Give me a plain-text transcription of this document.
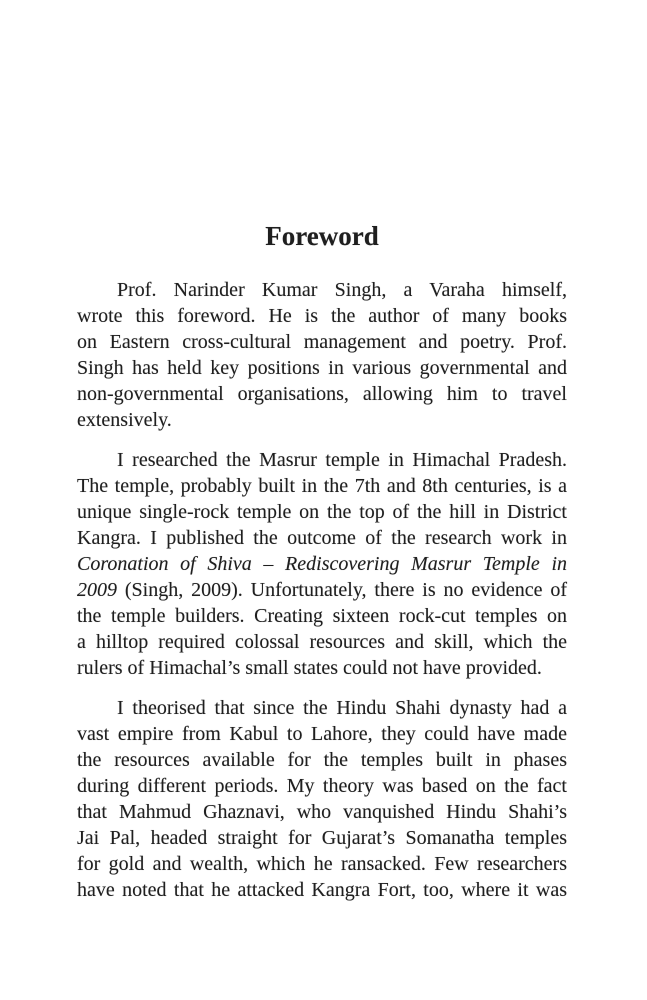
Foreword
Prof. Narinder Kumar Singh, a Varaha himself,
wrote this foreword. He is the author of many books
on Eastern cross-cultural management and poetry. Prof.
Singh has held key positions in various governmental and
non-governmental organisations, allowing him to travel
extensively.
I researched the Masrur temple in Himachal Pradesh.
The temple, probably built in the 7th and 8th centuries, is a
unique single-rock temple on the top of the hill in District
Kangra. I published the outcome of the research work in
Coronation of Shiva – Rediscovering Masrur Temple in
2009 (Singh, 2009). Unfortunately, there is no evidence of
the temple builders. Creating sixteen rock-cut temples on
a hilltop required colossal resources and skill, which the
rulers of Himachal’s small states could not have provided.
I theorised that since the Hindu Shahi dynasty had a
vast empire from Kabul to Lahore, they could have made
the resources available for the temples built in phases
during different periods. My theory was based on the fact
that Mahmud Ghaznavi, who vanquished Hindu Shahi’s
Jai Pal, headed straight for Gujarat’s Somanatha temples
for gold and wealth, which he ransacked. Few researchers
have noted that he attacked Kangra Fort, too, where it was
